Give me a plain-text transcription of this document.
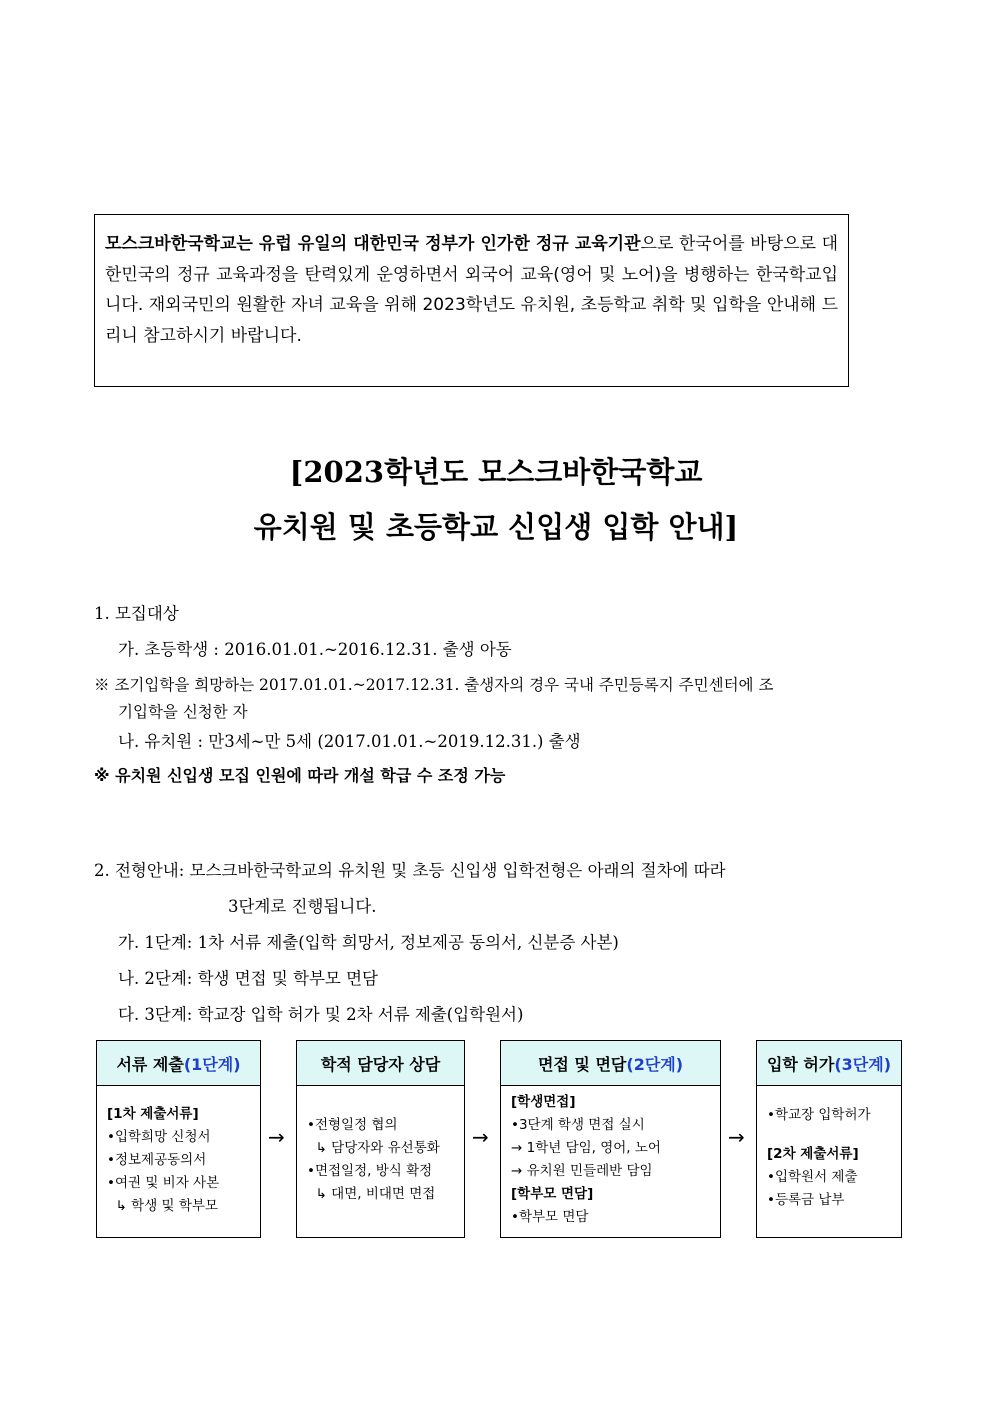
모스크바한국학교는 유럽 유일의 대한민국 정부가 인가한 정규 교육기관으로 한국어를 바탕으로 대한민국의 정규 교육과정을 탄력있게 운영하면서 외국어 교육(영어 및 노어)을 병행하는 한국학교입니다. 재외국민의 원활한 자녀 교육을 위해 2023학년도 유치원, 초등학교 취학 및 입학을 안내해 드리니 참고하시기 바랍니다.
[2023학년도 모스크바한국학교
유치원 및 초등학교 신입생 입학 안내]
1. 모집대상
가. 초등학생 : 2016.01.01.~2016.12.31. 출생 아동
※ 조기입학을 희망하는 2017.01.01.~2017.12.31. 출생자의 경우 국내 주민등록지 주민센터에 조
기입학을 신청한 자
나. 유치원 : 만3세~만 5세 (2017.01.01.~2019.12.31.) 출생
※ 유치원 신입생 모집 인원에 따라 개설 학급 수 조정 가능
2. 전형안내: 모스크바한국학교의 유치원 및 초등 신입생 입학전형은 아래의 절차에 따라
3단계로 진행됩니다.
가. 1단계: 1차 서류 제출(입학 희망서, 정보제공 동의서, 신분증 사본)
나. 2단계: 학생 면접 및 학부모 면담
다. 3단계: 학교장 입학 허가 및 2차 서류 제출(입학원서)
서류 제출 (1단계)
[1차 제출서류]
•입학희망 신청서
•정보제공동의서
•여권 및 비자 사본
↳ 학생 및 학부모
→
학적 담당자 상담
•전형일정 협의
↳ 담당자와 유선통화
•면접일정, 방식 확정
↳ 대면, 비대면 면접
→
면접 및 면담 (2단계)
[학생면접]
•3단계 학생 면접 실시
→ 1학년 담임, 영어, 노어
→ 유치원 민들레반 담임
[학부모 면담]
•학부모 면담
→
입학 허가 (3단계)
•학교장 입학허가
[2차 제출서류]
•입학원서 제출
•등록금 납부
